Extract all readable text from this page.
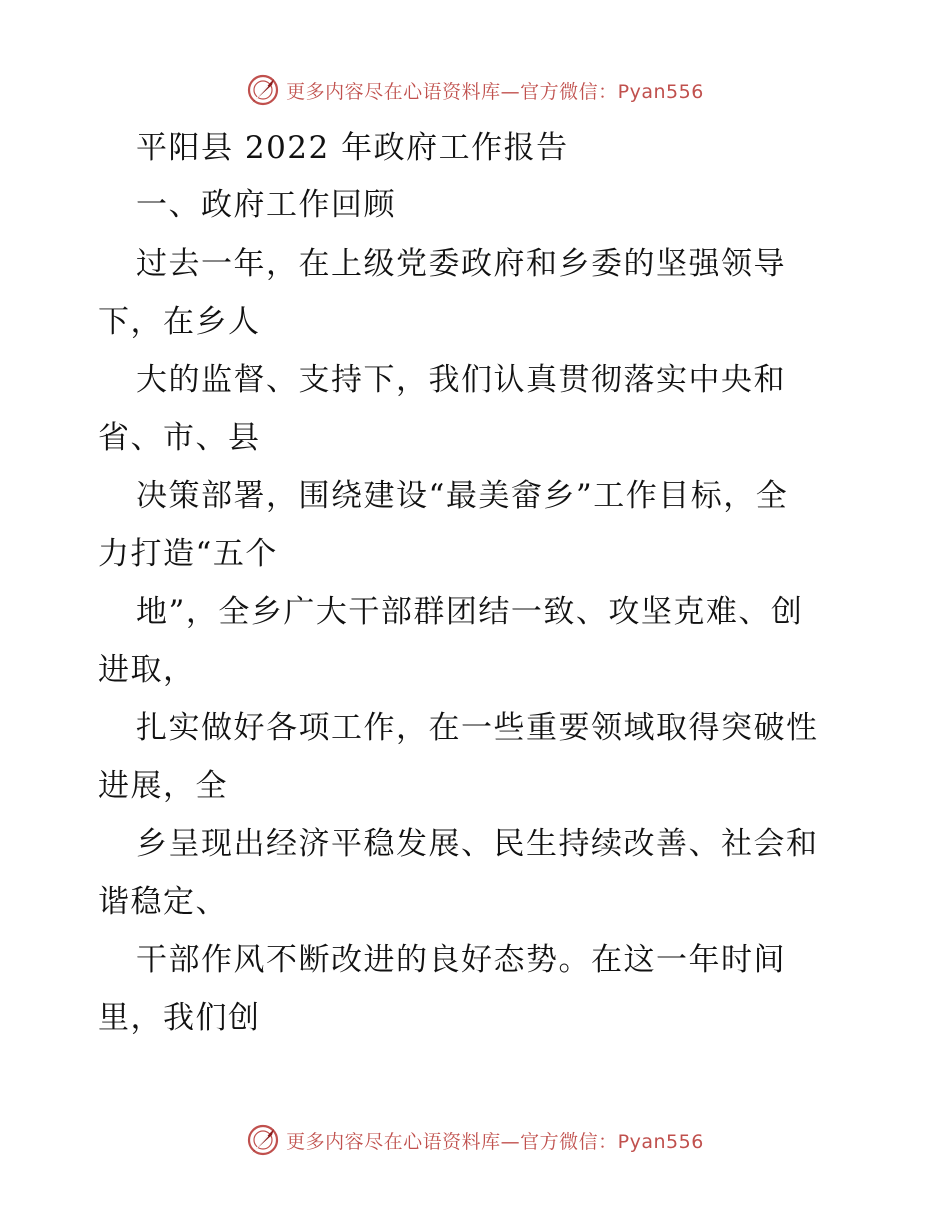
更多内容尽在心语资料库—官方微信：Pyan556
平阳县 2022 年政府工作报告
一、政府工作回顾
过去一年，在上级党委政府和乡委的坚强领导
下，在乡人
大的监督、支持下，我们认真贯彻落实中央和
省、市、县
决策部署，围绕建设“最美畲乡”工作目标，全
力打造“五个
地”，全乡广大干部群团结一致、攻坚克难、创
进取，
扎实做好各项工作，在一些重要领域取得突破性
进展，全
乡呈现出经济平稳发展、民生持续改善、社会和
谐稳定、
干部作风不断改进的良好态势。在这一年时间
里，我们创
更多内容尽在心语资料库—官方微信：Pyan556
